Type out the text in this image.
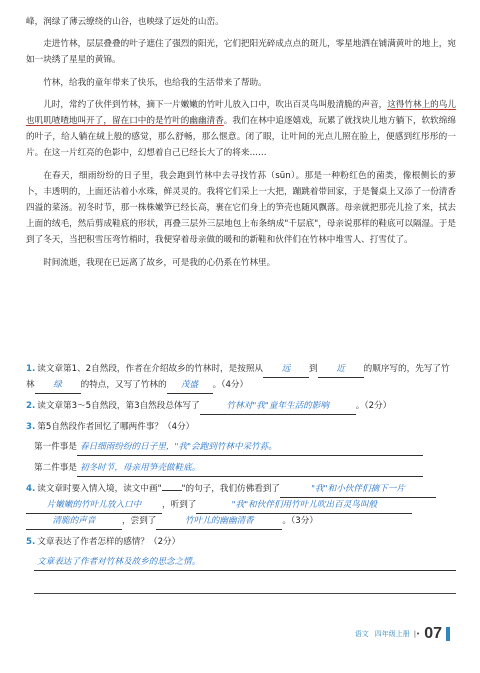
峰，润绿了薄云缭绕的山谷，也映绿了远处的山峦。

走进竹林，层层叠叠的叶子遮住了强烈的阳光，它们把阳光碎成点点的斑儿，零星地洒在铺满黄叶的地上，宛如一块绣了星星的黄锦。

竹林，给我的童年带来了快乐，也给我的生活带来了帮助。

儿时，常约了伙伴到竹林，摘下一片嫩嫩的竹叶儿放入口中，吹出百灵鸟叫般清脆的声音，这得竹林上的鸟儿也叽叽喳喳地叫开了，留在口中的是竹叶的幽幽清香。我们在林中追逐嬉戏，玩累了就找块儿地方躺下，软软绵绵的叶子，给人躺在絨上般的感觉，那么舒畅，那么惬意。闭了眼，让叶间的光点儿照在脸上，便感到红彤彤的一片。在这一片红亮的色影中，幻想着自己已经长大了的将来……

在春天，细雨纷纷的日子里，我会跑到竹林中去寻找竹荪（sūn）。那是一种粉红色的菌类，像根侧长的萝卜，丰透明的，上面还沾着小水珠，鲜灵灵的。我将它们采上一大把，蹦跳着带回家，于是餐桌上又添了一份清香四溢的菜汤。初冬时节，那一株株嫩笋已经长高，裹在它们身上的笋壳也随风飘落。母亲就把那壳儿捡了来，拭去上面的绒毛，然后剪成鞋底的形状，再叠三层外三层地包上布条纳成"千层底"，母亲说那样的鞋底可以隔湿。于是到了冬天，当把积雪压弯竹梢时，我便穿着母亲做的暖和的新鞋和伙伴们在竹林中堆雪人、打雪仗了。

时间流逝，我现在已远离了故乡，可是我的心仍系在竹林里。

1. 读文章第1、2自然段，作者在介绍故乡的竹林时，是按照从 远 到 近 的顺序写的，先写了竹林 绿 的特点，又写了竹林的 茂盛 。（4分）

2. 读文章第3～5自然段，第3自然段总体写了	竹林对"我"童年生活的影响	。（2分）

3. 第5自然段作者回忆了哪两件事？（4分）

第一件事是 春日细雨纷纷的日子里，"我"会跑到竹林中采竹荪。

第二件事是 初冬时节，母亲用笋壳做鞋底。

4. 读文章时要入情入境，读文中画" "的句子，我们仿佛看到了	"我"和小伙伴们摘下一片
片嫩嫩的竹叶儿放入口中 ，听到了	"我"和伙伴们用竹叶儿吹出百灵鸟叫般
清脆的声音	，尝到了	竹叶儿的幽幽清香	。（3分）

5. 文章表达了作者怎样的感情？（2分）

文章表达了作者对竹林及故乡的思念之情。
语文 四年级上册 |• 07
